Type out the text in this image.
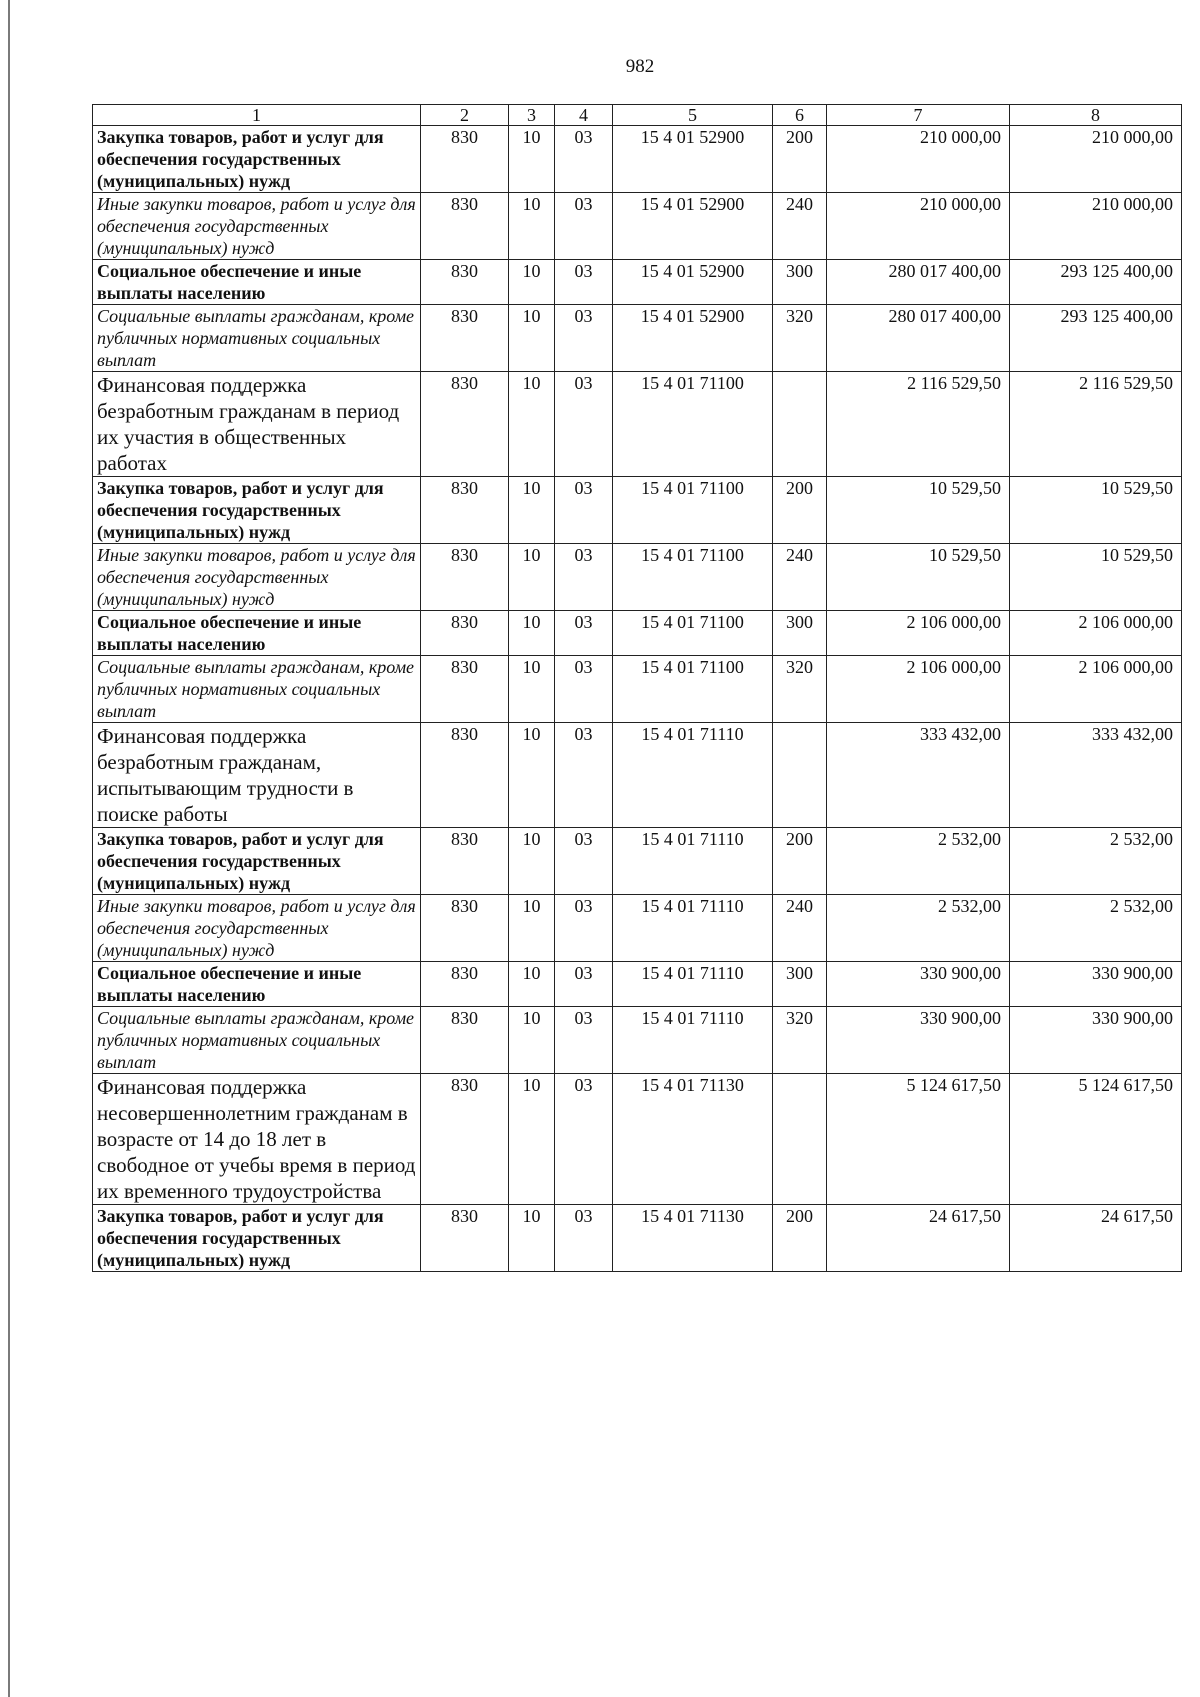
982
1	2	3	4	5	6	7	8
Закупка товаров, работ и услуг для обеспечения государственных (муниципальных) нужд	830	10	03	15 4 01 52900	200	210 000,00	210 000,00
Иные закупки товаров, работ и услуг для обеспечения государственных (муниципальных) нужд	830	10	03	15 4 01 52900	240	210 000,00	210 000,00
Социальное обеспечение и иные выплаты населению	830	10	03	15 4 01 52900	300	280 017 400,00	293 125 400,00
Социальные выплаты гражданам, кроме публичных нормативных социальных выплат	830	10	03	15 4 01 52900	320	280 017 400,00	293 125 400,00
Финансовая поддержка безработным гражданам в период их участия в общественных работах	830	10	03	15 4 01 71100		2 116 529,50	2 116 529,50
Закупка товаров, работ и услуг для обеспечения государственных (муниципальных) нужд	830	10	03	15 4 01 71100	200	10 529,50	10 529,50
Иные закупки товаров, работ и услуг для обеспечения государственных (муниципальных) нужд	830	10	03	15 4 01 71100	240	10 529,50	10 529,50
Социальное обеспечение и иные выплаты населению	830	10	03	15 4 01 71100	300	2 106 000,00	2 106 000,00
Социальные выплаты гражданам, кроме публичных нормативных социальных выплат	830	10	03	15 4 01 71100	320	2 106 000,00	2 106 000,00
Финансовая поддержка безработным гражданам, испытывающим трудности в поиске работы	830	10	03	15 4 01 71110		333 432,00	333 432,00
Закупка товаров, работ и услуг для обеспечения государственных (муниципальных) нужд	830	10	03	15 4 01 71110	200	2 532,00	2 532,00
Иные закупки товаров, работ и услуг для обеспечения государственных (муниципальных) нужд	830	10	03	15 4 01 71110	240	2 532,00	2 532,00
Социальное обеспечение и иные выплаты населению	830	10	03	15 4 01 71110	300	330 900,00	330 900,00
Социальные выплаты гражданам, кроме публичных нормативных социальных выплат	830	10	03	15 4 01 71110	320	330 900,00	330 900,00
Финансовая поддержка несовершеннолетним гражданам в возрасте от 14 до 18 лет в свободное от учебы время в период их временного трудоустройства	830	10	03	15 4 01 71130		5 124 617,50	5 124 617,50
Закупка товаров, работ и услуг для обеспечения государственных (муниципальных) нужд	830	10	03	15 4 01 71130	200	24 617,50	24 617,50
